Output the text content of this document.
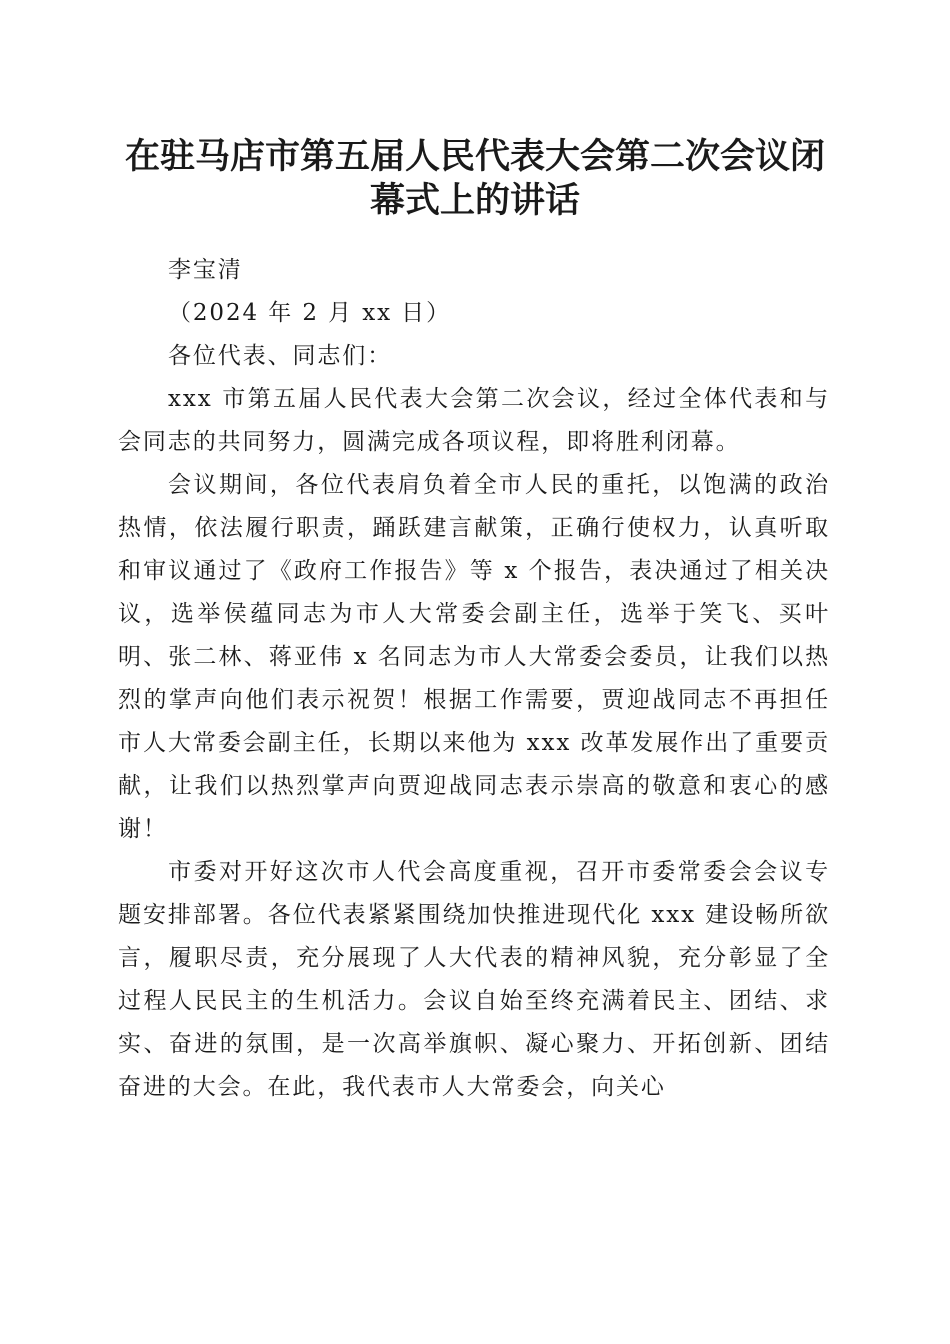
在驻马店市第五届人民代表大会第二次会议闭
幕式上的讲话

李宝清

（2024 年 2 月 xx 日）

各位代表、同志们：

xxx 市第五届人民代表大会第二次会议，经过全体代表和与会同志的共同努力，圆满完成各项议程，即将胜利闭幕。

会议期间，各位代表肩负着全市人民的重托，以饱满的政治热情，依法履行职责，踊跃建言献策，正确行使权力，认真听取和审议通过了《政府工作报告》等 x 个报告，表决通过了相关决议，选举侯蕴同志为市人大常委会副主任，选举于笑飞、买叶明、张二林、蒋亚伟 x 名同志为市人大常委会委员，让我们以热烈的掌声向他们表示祝贺！根据工作需要，贾迎战同志不再担任市人大常委会副主任，长期以来他为 xxx 改革发展作出了重要贡献，让我们以热烈掌声向贾迎战同志表示崇高的敬意和衷心的感谢！

市委对开好这次市人代会高度重视，召开市委常委会会议专题安排部署。各位代表紧紧围绕加快推进现代化 xxx 建设畅所欲言，履职尽责，充分展现了人大代表的精神风貌，充分彰显了全过程人民民主的生机活力。会议自始至终充满着民主、团结、求实、奋进的氛围，是一次高举旗帜、凝心聚力、开拓创新、团结奋进的大会。在此，我代表市人大常委会，向关心
